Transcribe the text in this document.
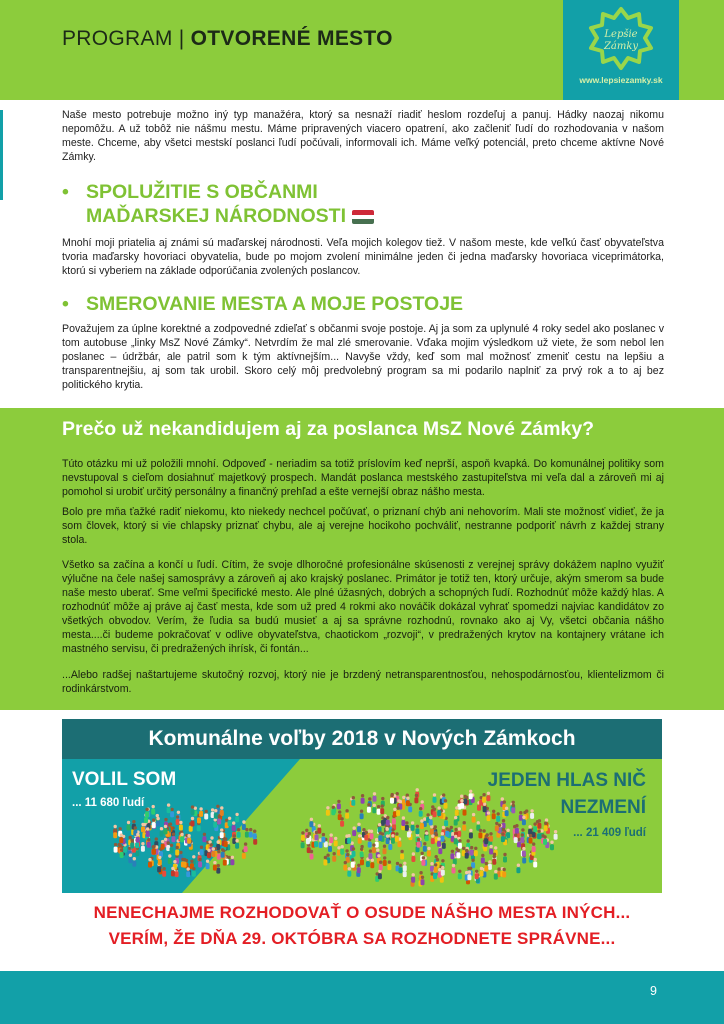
PROGRAM | OTVORENÉ MESTO	Lepšie
Zámky
www.lepsiezamky.sk

Naše mesto potrebuje možno iný typ manažéra, ktorý sa nesnaží riadiť heslom rozdeľuj a panuj. Hádky naozaj nikomu nepomôžu. A už tobôž nie nášmu mestu. Máme pripravených viacero opatrení, ako začleniť ľudí do rozhodovania v našom meste. Chceme, aby všetci mestskí poslanci ľudí počúvali, informovali ich. Máme veľký potenciál, preto chceme aktívne Nové Zámky.

• SPOLUŽITIE S OBČANMI
MAĎARSKEJ NÁRODNOSTI

Mnohí moji priatelia aj známi sú maďarskej národnosti. Veľa mojich kolegov tiež. V našom meste, kde veľkú časť obyvateľstva tvoria maďarsky hovoriaci obyvatelia, bude po mojom zvolení minimálne jeden či jedna maďarsky hovoriaca viceprimátorka, ktorú si vyberiem na základe odporúčania zvolených poslancov.

• SMEROVANIE MESTA A MOJE POSTOJE

Považujem za úplne korektné a zodpovedné zdieľať s občanmi svoje postoje. Aj ja som za uplynulé 4 roky sedel ako poslanec v tom autobuse „linky MsZ Nové Zámky“. Netvrdím že mal zlé smerovanie. Vďaka mojim výsledkom už viete, že som nebol len poslanec – údržbár, ale patril som k tým aktívnejším... Navyše vždy, keď som mal možnosť zmeniť cestu na lepšiu a transparentnejšiu, aj som tak urobil. Skoro celý môj predvolebný program sa mi podarilo naplniť za prvý rok a to aj bez politického krytia.

Prečo už nekandidujem aj za poslanca MsZ Nové Zámky?

Túto otázku mi už položili mnohí. Odpoveď - neriadim sa totiž príslovím keď neprší, aspoň kvapká. Do komunálnej politiky som nevstupoval s cieľom dosiahnuť majetkový prospech. Mandát poslanca mestského zastupiteľstva mi veľa dal a zároveň mi aj pomohol si urobiť určitý personálny a finančný prehľad a ešte vernejší obraz nášho mesta.

Bolo pre mňa ťažké radiť niekomu, kto niekedy nechcel počúvať, o priznaní chýb ani nehovorím. Mali ste možnosť vidieť, že ja som človek, ktorý si vie chlapsky priznať chybu, ale aj verejne hocikoho pochváliť, nestranne podporiť návrh z každej strany stola.

Všetko sa začína a končí u ľudí. Cítim, že svoje dlhoročné profesionálne skúsenosti z verejnej správy dokážem naplno využiť výlučne na čele našej samosprávy a zároveň aj ako krajský poslanec. Primátor je totiž ten, ktorý určuje, akým smerom sa bude naše mesto uberať. Sme veľmi špecifické mesto. Ale plné úžasných, dobrých a schopných ľudí. Rozhodnúť môže každý hlas. A rozhodnúť môže aj práve aj časť mesta, kde som už pred 4 rokmi ako nováčik dokázal vyhrať spomedzi najviac kandidátov zo všetkých obvodov. Verím, že ľudia sa budú musieť a aj sa správne rozhodnú, rovnako ako aj Vy, všetci občania nášho mesta....či budeme pokračovať v odlive obyvateľstva, chaotickom „rozvoji“, v predražených krytov na kontajnery vrátane ich mastného servisu, či predražených ihrísk, či fontán...

...Alebo radšej naštartujeme skutočný rozvoj, ktorý nie je brzdený netransparentnosťou, nehospodárnosťou, klientelizmom či rodinkárstvom.

Komunálne voľby 2018 v Nových Zámkoch
VOLIL SOM
... 11 680 ľudí
JEDEN HLAS NIČ
NEZMENÍ
... 21 409 ľudí
NENECHAJME ROZHODOVAŤ O OSUDE NÁŠHO MESTA INÝCH...
VERÍM, ŽE DŇA 29. OKTÓBRA SA ROZHODNETE SPRÁVNE...
9
